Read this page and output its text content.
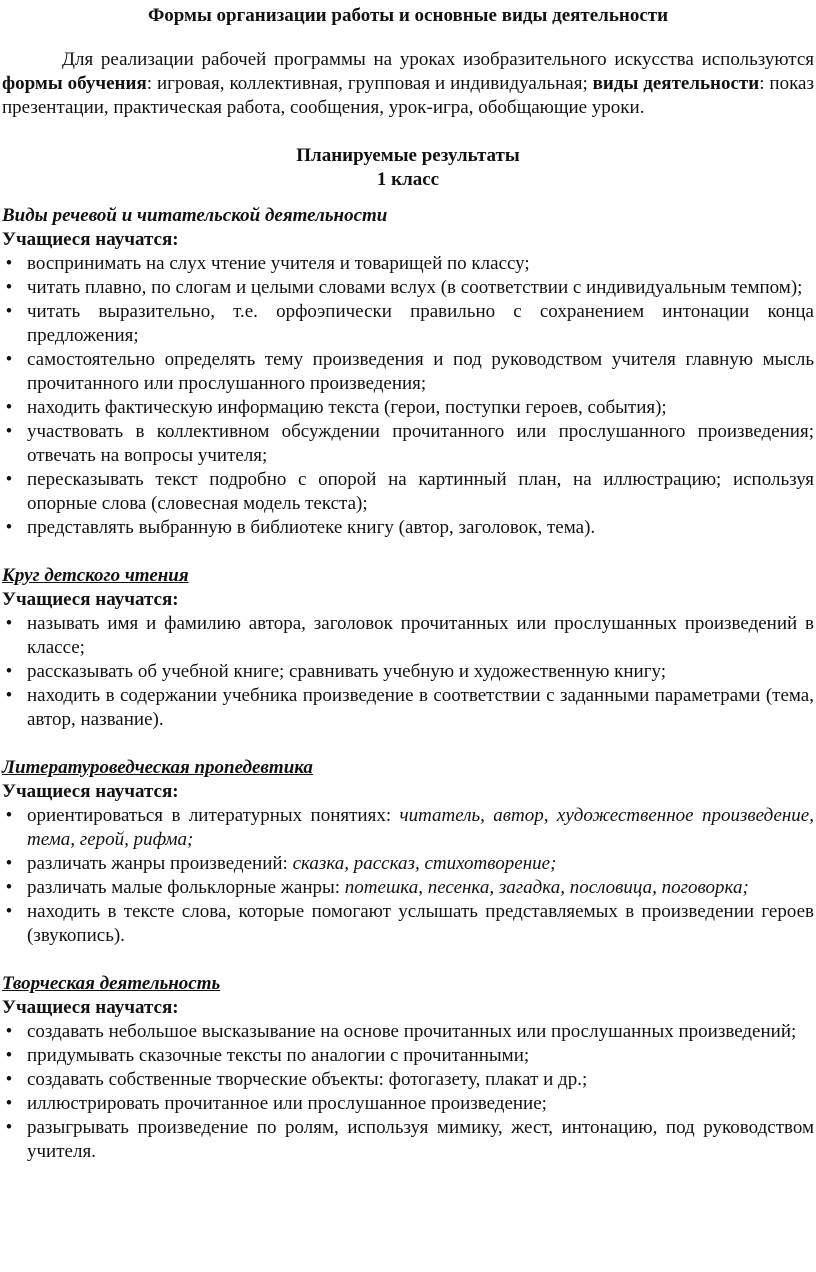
Формы организации работы и основные виды деятельности

Для реализации рабочей программы на уроках изобразительного искусства используются формы обучения: игровая, коллективная, групповая и индивидуальная; виды деятельности: показ презентации, практическая работа, сообщения, урок-игра, обобщающие уроки.

Планируемые результаты
1 класс
Виды речевой и читательской деятельности
Учащиеся научатся:
• воспринимать на слух чтение учителя и товарищей по классу;
• читать плавно, по слогам и целыми словами вслух (в соответствии с индивидуальным темпом);
• читать выразительно, т.е. орфоэпически правильно с сохранением интонации конца предложения;
• самостоятельно определять тему произведения и под руководством учителя главную мысль прочитанного или прослушанного произведения;
• находить фактическую информацию текста (герои, поступки героев, события);
• участвовать в коллективном обсуждении прочитанного или прослушанного произведения; отвечать на вопросы учителя;
• пересказывать текст подробно с опорой на картинный план, на иллюстрацию; используя опорные слова (словесная модель текста);
• представлять выбранную в библиотеке книгу (автор, заголовок, тема).
Круг детского чтения
Учащиеся научатся:
• называть имя и фамилию автора, заголовок прочитанных или прослушанных произведений в классе;
• рассказывать об учебной книге; сравнивать учебную и художественную книгу;
• находить в содержании учебника произведение в соответствии с заданными параметрами (тема, автор, название).
Литературоведческая пропедевтика
Учащиеся научатся:
• ориентироваться в литературных понятиях: читатель, автор, художественное произведение, тема, герой, рифма;
• различать жанры произведений: сказка, рассказ, стихотворение;
• различать малые фольклорные жанры: потешка, песенка, загадка, пословица, поговорка;
• находить в тексте слова, которые помогают услышать представляемых в произведении героев (звукопись).
Творческая деятельность
Учащиеся научатся:
• создавать небольшое высказывание на основе прочитанных или прослушанных произведений;
• придумывать сказочные тексты по аналогии с прочитанными;
• создавать собственные творческие объекты: фотогазету, плакат и др.;
• иллюстрировать прочитанное или прослушанное произведение;
• разыгрывать произведение по ролям, используя мимику, жест, интонацию, под руководством учителя.
